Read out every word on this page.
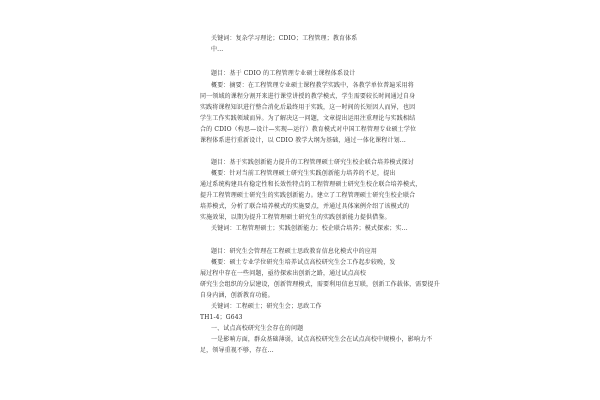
关键词：复杂学习理论；CDIO；工程管理；教育体系
中...
题目：基于 CDIO 的工程管理专业硕士课程体系设计
概要：摘要：在工程管理专业硕士课程教学实践中，各教学单位普遍采用将
同一领域的课程分割开来进行课堂讲授的教学模式，学生需要较长时间通过自身
实践将课程知识进行整合消化后最终用于实践，这一时间的长短因人而异，也因
学生工作实践领域而异。为了解决这一问题，文章提出运用注重理论与实践相结
合的 CDIO（构思—设计—实现—运行）教育模式对中国工程管理专业硕士学位
课程体系进行重新设计，以 CDIO 教学大纲为基础，通过一体化课程计划...
题目：基于实践创新能力提升的工程管理硕士研究生校企联合培养模式探讨
概要：针对当前工程管理硕士研究生实践创新能力培养的不足，提出
通过系统构建具有稳定性和长效性特点的工程管理硕士研究生校企联合培养模式，
提升工程管理硕士研究生的实践创新能力。建立了工程管理硕士研究生校企联合
培养模式，分析了联合培养模式的实施要点，并通过具体案例介绍了该模式的
实施效果，以期为提升工程管理硕士研究生的实践创新能力提供借鉴。
关键词：工程管理硕士；实践创新能力；校企联合培养；模式探索；实...
题目：研究生会管理在工程硕士思政教育信息化模式中的应用
概要：硕士专业学位研究生培养试点高校研究生会工作起步较晚，发
展过程中存在一些问题，亟待探索出创新之路，通过试点高校
研究生会组织的分层建设，创新管理模式，需要利用信息互联，创新工作载体，需要提升
自身内涵，创新教育功能。
关键词：工程硕士；研究生会；思政工作
TH1-4；G643
一、试点高校研究生会存在的问题
一是影响方面，群众基础薄弱，试点高校研究生会在试点高校中规模小，影响力不
足，领导重视不够，存在...
